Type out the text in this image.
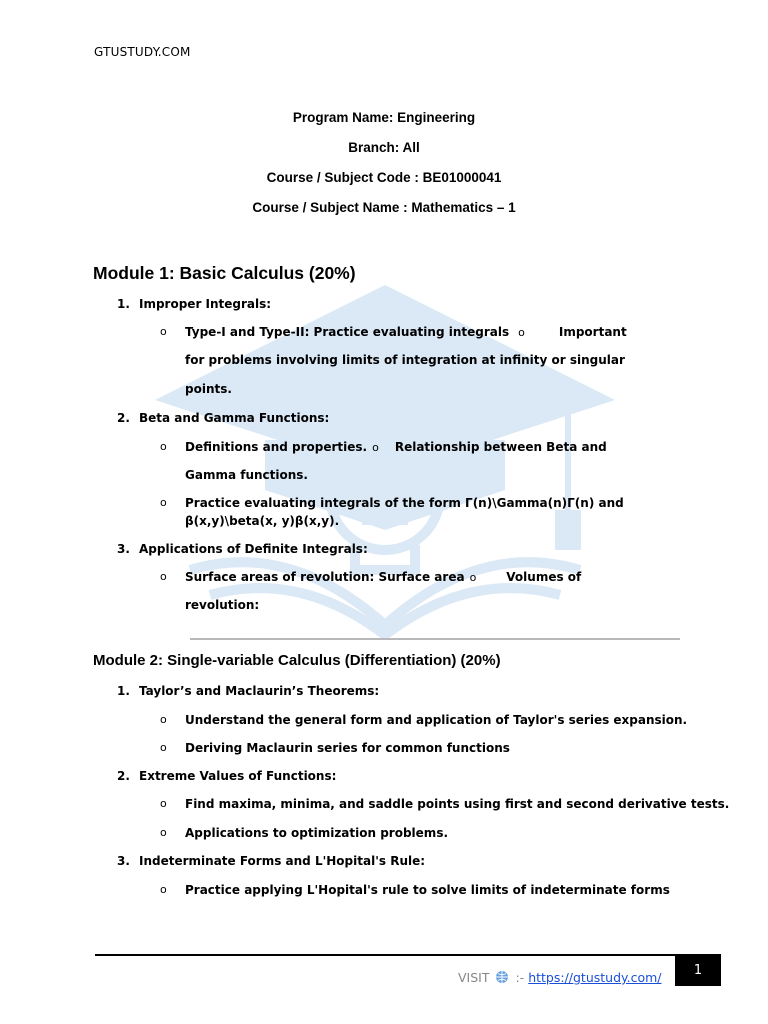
GTUSTUDY.COM
Program Name: Engineering
Branch: All
Course / Subject Code : BE01000041
Course / Subject Name : Mathematics – 1
Module 1: Basic Calculus (20%)
1. Improper Integrals:
o Type-I and Type-II: Practice evaluating integrals o	Important
for problems involving limits of integration at infinity or singular
points.
2. Beta and Gamma Functions:
o Definitions and properties. o Relationship between Beta and
Gamma functions.
o Practice evaluating integrals of the form Γ(n)\Gamma(n)Γ(n) and
β(x,y)\beta(x, y)β(x,y).
3. Applications of Definite Integrals:
o Surface areas of revolution: Surface area o	Volumes of
revolution:
Module 2: Single-variable Calculus (Differentiation) (20%)
1. Taylor’s and Maclaurin’s Theorems:
o Understand the general form and application of Taylor's series expansion.
o Deriving Maclaurin series for common functions
2. Extreme Values of Functions:
o Find maxima, minima, and saddle points using first and second derivative tests.
o Applications to optimization problems.
3. Indeterminate Forms and L'Hopital's Rule:
o Practice applying L'Hopital's rule to solve limits of indeterminate forms
VISIT :- https://gtustudy.com/ 1
